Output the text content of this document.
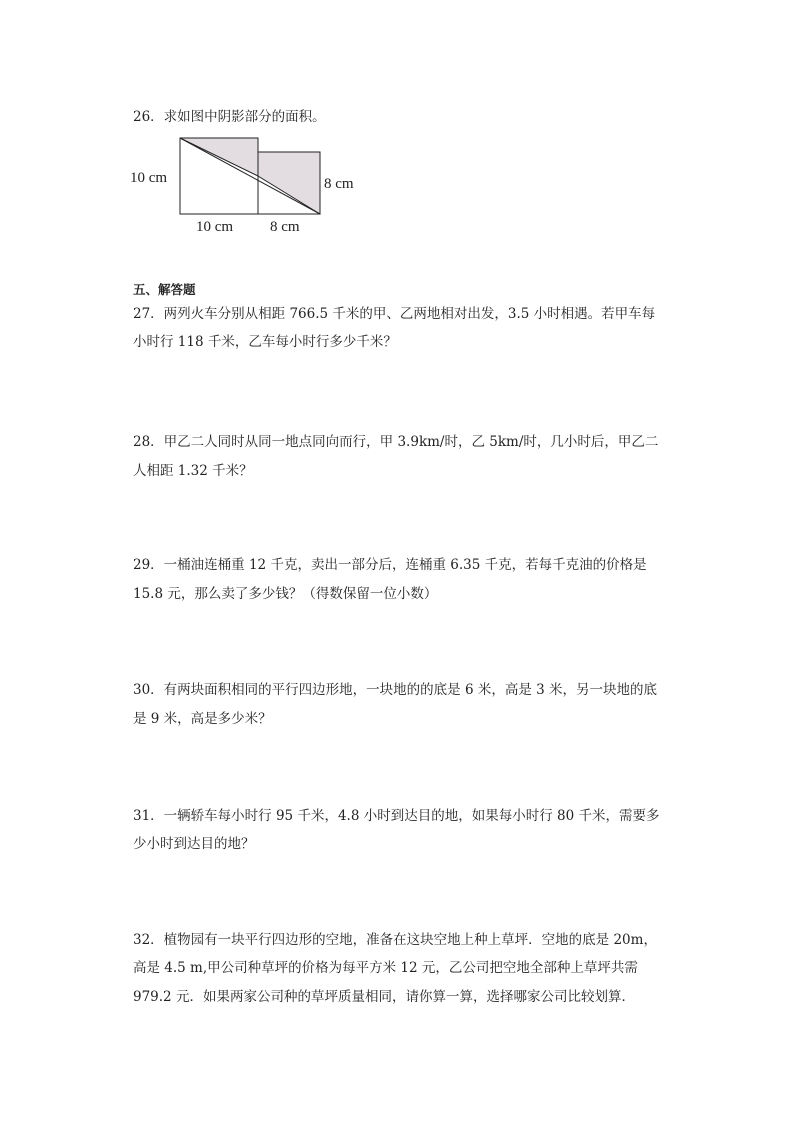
26．求如图中阴影部分的面积。
10 cm	8 cm
10 cm 8 cm
五、解答题
27．两列火车分别从相距 766.5 千米的甲、乙两地相对出发，3.5 小时相遇。若甲车每
小时行 118 千米，乙车每小时行多少千米？
28．甲乙二人同时从同一地点同向而行，甲 3.9km/时，乙 5km/时，几小时后，甲乙二
人相距 1.32 千米？
29．一桶油连桶重 12 千克，卖出一部分后，连桶重 6.35 千克，若每千克油的价格是
15.8 元，那么卖了多少钱？（得数保留一位小数）
30．有两块面积相同的平行四边形地，一块地的的底是 6 米，高是 3 米，另一块地的底
是 9 米，高是多少米？
31．一辆轿车每小时行 95 千米，4.8 小时到达目的地，如果每小时行 80 千米，需要多
少小时到达目的地？
32．植物园有一块平行四边形的空地，准备在这块空地上种上草坪．空地的底是 20m，
高是 4.5 m,甲公司种草坪的价格为每平方米 12 元，乙公司把空地全部种上草坪共需
979.2 元．如果两家公司种的草坪质量相同，请你算一算，选择哪家公司比较划算．
